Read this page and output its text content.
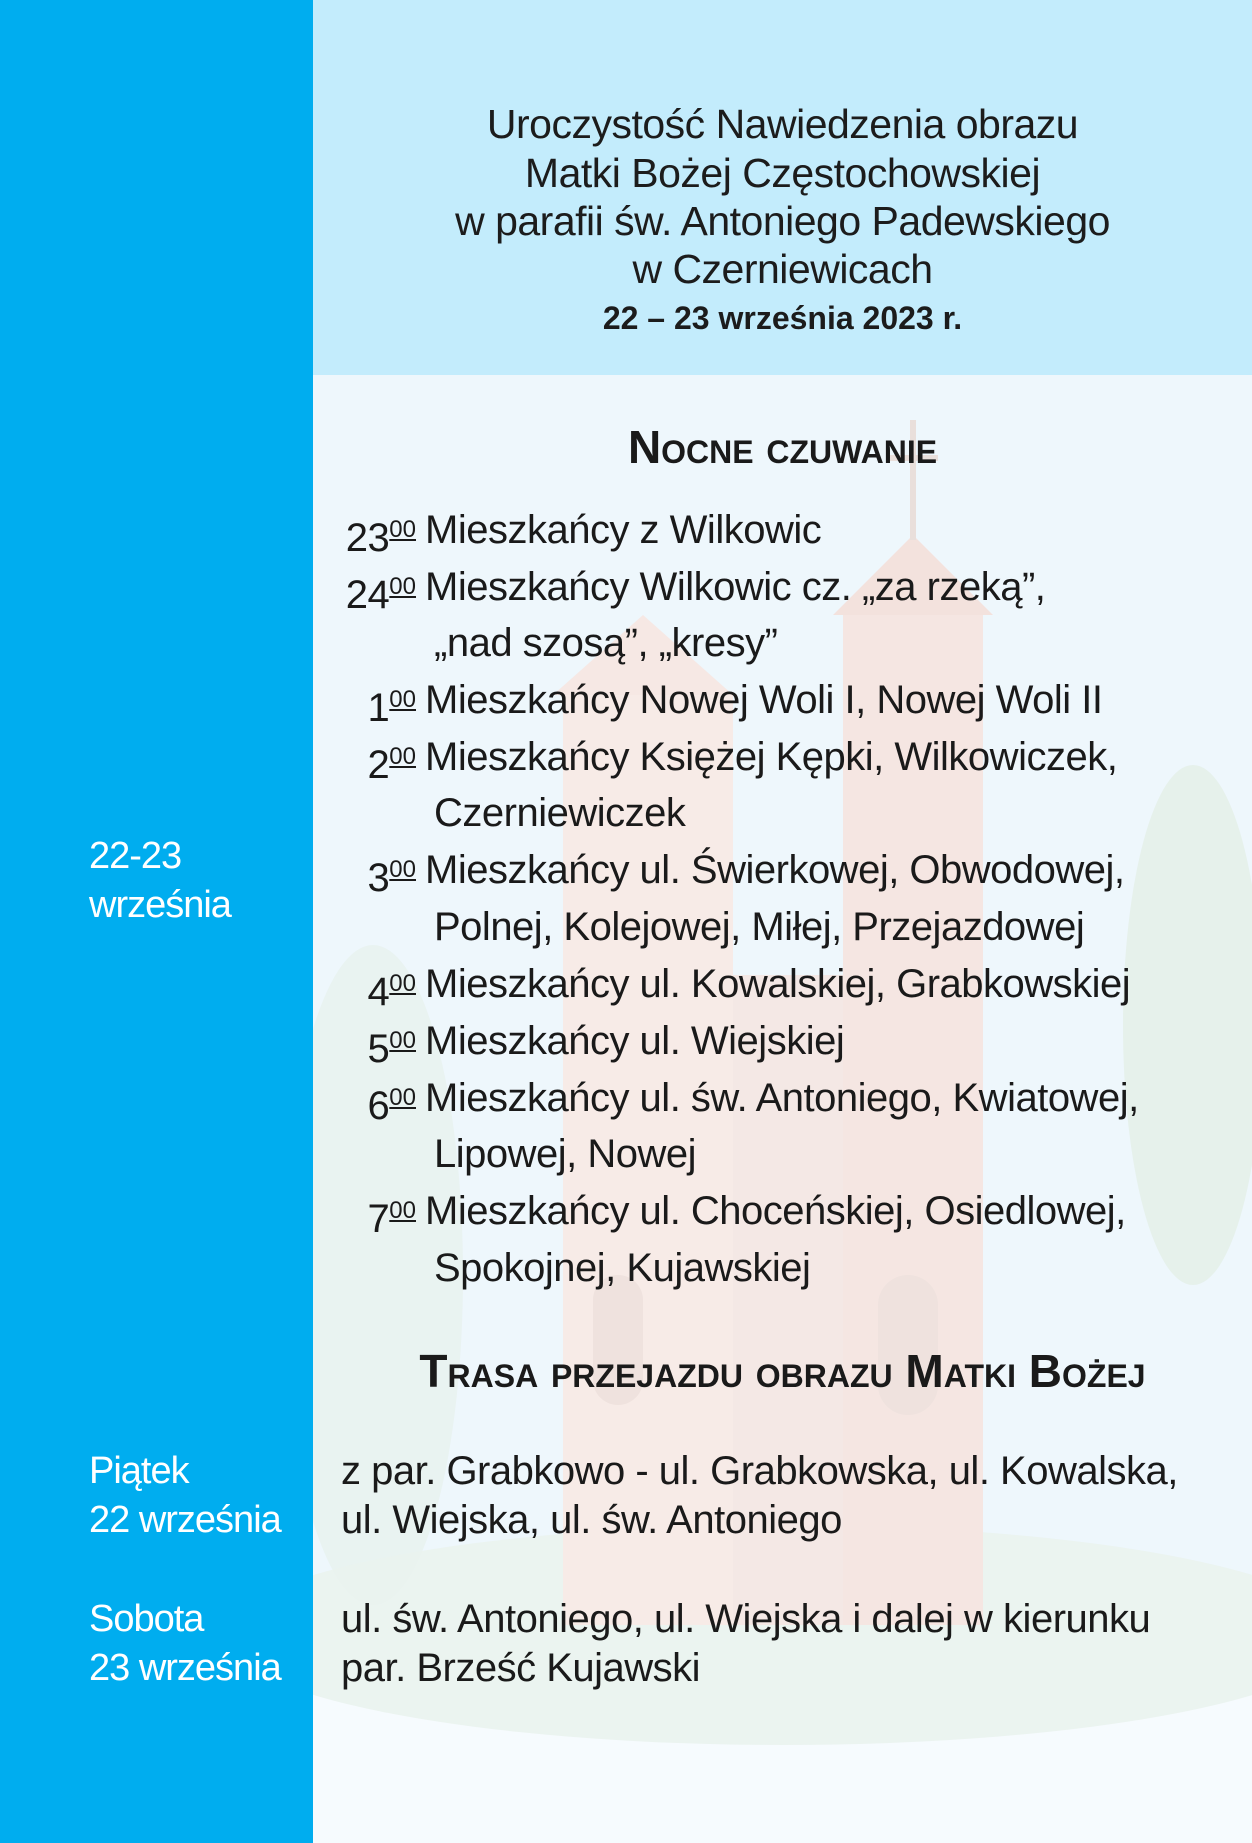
22-23
września
Piątek
22 września
Sobota
23 września
Uroczystość Nawiedzenia obrazu
Matki Bożej Częstochowskiej
w parafii św. Antoniego Padewskiego
w Czerniewicach
22 – 23 września 2023 r.
Nocne czuwanie
$23^{00}$ Mieszkańcy z Wilkowic
$24^{00}$ Mieszkańcy Wilkowic cz. „za rzeką”,
„nad szosą”, „kresy”
$1^{00}$ Mieszkańcy Nowej Woli I, Nowej Woli II
$2^{00}$ Mieszkańcy Księżej Kępki, Wilkowiczek,
Czerniewiczek
$3^{00}$ Mieszkańcy ul. Świerkowej, Obwodowej,
Polnej, Kolejowej, Miłej, Przejazdowej
$4^{00}$ Mieszkańcy ul. Kowalskiej, Grabkowskiej
$5^{00}$ Mieszkańcy ul. Wiejskiej
$6^{00}$ Mieszkańcy ul. św. Antoniego, Kwiatowej,
Lipowej, Nowej
$7^{00}$ Mieszkańcy ul. Choceńskiej, Osiedlowej,
Spokojnej, Kujawskiej
Trasa przejazdu obrazu Matki Bożej
z par. Grabkowo - ul. Grabkowska, ul. Kowalska,
ul. Wiejska, ul. św. Antoniego
ul. św. Antoniego, ul. Wiejska i dalej w kierunku
par. Brześć Kujawski
